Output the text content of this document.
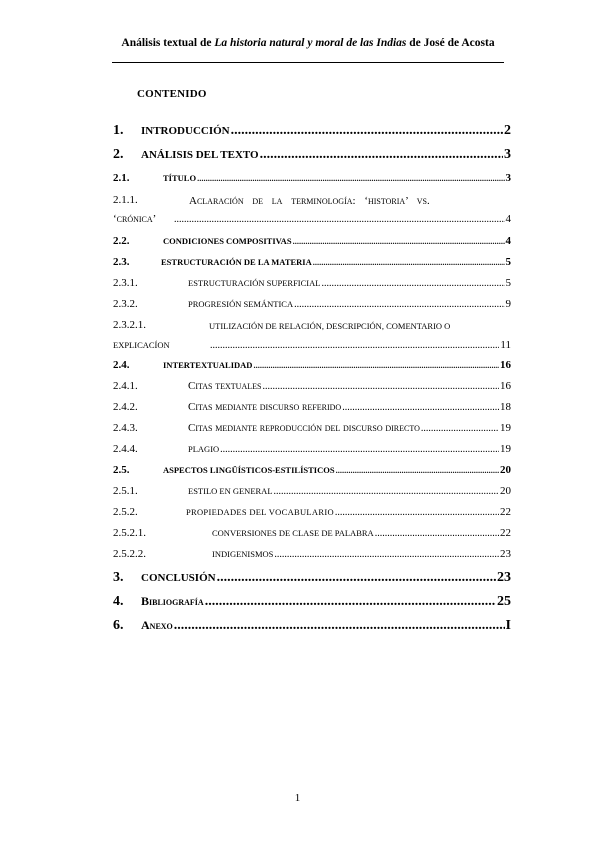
Análisis textual de La historia natural y moral de las Indias de José de Acosta
CONTENIDO
1.	INTRODUCCIÓN .....	2
2.	ANÁLISIS DEL TEXTO .....	3
2.1.	TÍTULO .....	3
2.1.1.	Aclaración de la terminología: ‘historia’ vs.
‘crónica’ .....	4
2.2.	CONDICIONES COMPOSITIVAS .....	4
2.3.	ESTRUCTURACIÓN DE LA MATERIA .....	5
2.3.1.	ESTRUCTURACIÓN SUPERFICIAL .....	5
2.3.2.	PROGRESIÓN SEMÁNTICA .....	9
2.3.2.1.	UTILIZACIÓN DE RELACIÓN, DESCRIPCIÓN, COMENTARIO O
EXPLICACÍON .....	11
2.4.	INTERTEXTUALIDAD .....	16
2.4.1.	Citas textuales .....	16
2.4.2.	Citas mediante discurso referido .....	18
2.4.3.	Citas mediante reproducción del discurso directo .....	19
2.4.4.	PLAGIO .....	19
2.5.	ASPECTOS LINGÜÍSTICOS-ESTILÍSTICOS .....	20
2.5.1.	ESTILO EN GENERAL .....	20
2.5.2.	PROPIEDADES DEL VOCABULARIO .....	22
2.5.2.1.	CONVERSIONES DE CLASE DE PALABRA .....	22
2.5.2.2.	INDIGENISMOS .....	23
3.	CONCLUSIÓN .....	23
4.	Bibliografía .....	25
6.	Anexo .....	I
1
